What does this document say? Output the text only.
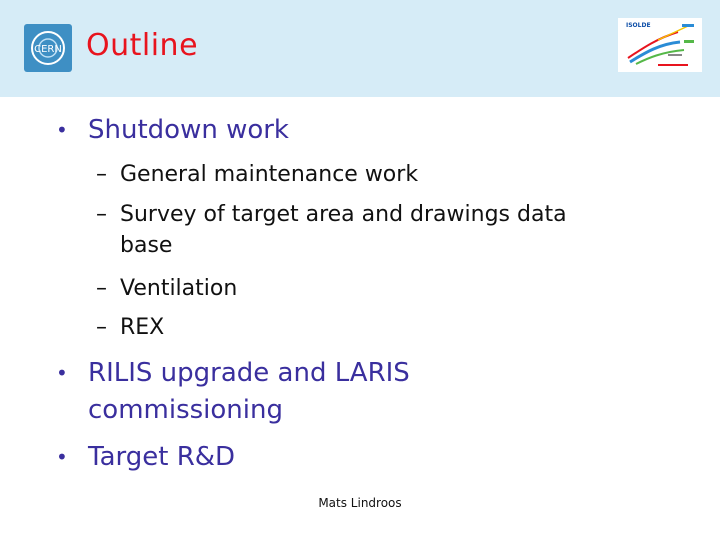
CERN Outline
ISOLDE
• Shutdown work
– General maintenance work
– Survey of target area and drawings data
base
– Ventilation
– REX
• RILIS upgrade and LARIS
commissioning
• Target R&D
Mats Lindroos
